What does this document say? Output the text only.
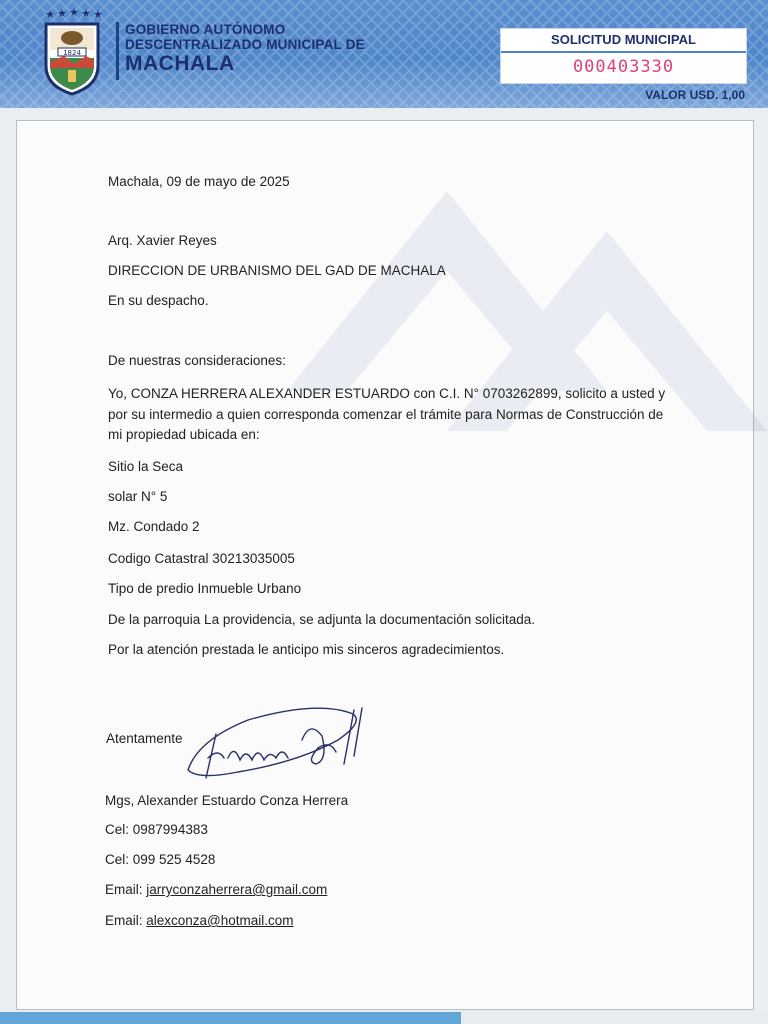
1824
GOBIERNO AUTÓNOMO
DESCENTRALIZADO MUNICIPAL DE
MACHALA
SOLICITUD MUNICIPAL
000403330
VALOR USD. 1,00
Machala, 09 de mayo de 2025
Arq. Xavier Reyes
DIRECCION DE URBANISMO DEL GAD DE MACHALA
En su despacho.
De nuestras consideraciones:
Yo, CONZA HERRERA ALEXANDER ESTUARDO con C.I. N° 0703262899, solicito a usted y por su intermedio a quien corresponda comenzar el trámite para Normas de Construcción de mi propiedad ubicada en:
Sitio la Seca
solar N° 5
Mz. Condado 2
Codigo Catastral 30213035005
Tipo de predio Inmueble Urbano
De la parroquia La providencia, se adjunta la documentación solicitada.
Por la atención prestada le anticipo mis sinceros agradecimientos.
Atentamente
Mgs, Alexander Estuardo Conza Herrera
Cel: 0987994383
Cel: 099 525 4528
Email: jarryconzaherrera@gmail.com
Email: alexconza@hotmail.com
